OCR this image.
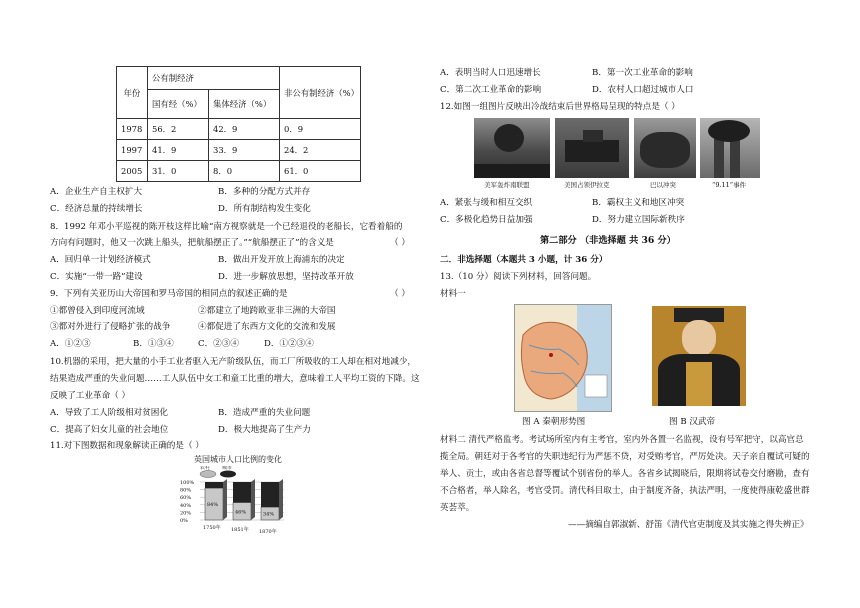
年份	公有制经济		非公有制经济（%）
	国有经（%）	集体经济（%）	
1978	56．2	42．9	0．9
1997	41．9	33．9	24．2
2005	31．0	8．0	61．0
A．企业生产自主权扩大	B．多种的分配方式并存
C．经济总量的持续增长	D．所有制结构发生变化
8．1992 年邓小平巡视的陈开枝这样比喻“南方视察就是一个已经退役的老船长，它看着船的
方向有问题时，他又一次跳上船头，把航船摆正了。”“航船摆正了”的含义是	（ ）
A．回归单一计划经济模式	B．做出开发开放上海浦东的决定
C．实施“一带一路”建设	D．进一步解放思想，坚持改革开放
9．下列有关亚历山大帝国和罗马帝国的相同点的叙述正确的是	（ ）
①都曾侵入到印度河流域	②都建立了地跨欧亚非三洲的大帝国
③都对外进行了侵略扩张的战争	④都促进了东西方文化的交流和发展
A．①②③	B．①③④	C．②③④	D．①②③④
10.机器的采用，把大量的小手工业者驱入无产阶级队伍，而工厂所吸收的工人却在相对地减少，
结果造成严重的失业问题……工人队伍中女工和童工比重的增大，意味着工人平均工资的下降。这
反映了工业革命（ ）
A．导致了工人阶级相对贫困化	B．造成严重的失业问题
C．提高了妇女儿童的社会地位	D．极大地提高了生产力
11.对下图数据和现象解读正确的是（ ）
英国城市人口比例的变化
农村 城市
100%
80%
60%
40%
20%
0%
84%
1750年
46%
1851年
34%
1870年
A．表明当时人口迅速增长	B．第一次工业革命的影响
C．第二次工业革命的影响	D．农村人口超过城市人口
12.如图一组图片反映出冷战结束后世界格局呈现的特点是（ ）
美军轰炸南联盟	美国占领伊拉克	巴以冲突	“9.11”事件
A．紧张与缓和相互交织	B．霸权主义和地区冲突
C．多极化趋势日益加强	D．努力建立国际新秩序
第二部分 （非选择题 共 36 分）
二．非选择题（本题共 3 小题，计 36 分）
13.（10 分）阅读下列材料，回答问题。
材料一
图 A 秦朝形势图	图 B 汉武帝
材料二 清代严格监考。考试场所室内有主考官，室内外各置一名监视，设有号军把守，以高官总
揽全局。朝廷对于各考官的失职违纪行为严惩不贷，对受贿考官，严厉处决。天子亲自覆试可疑的
举人、贡士，或由各省总督等覆试个别省份的举人。各省乡试揭晓后，限期将试卷交付磨勘，查有
不合格者，举人除名，考官受罚。清代科目取士，由于制度齐备，执法严明，一度使得康乾盛世群
英荟萃。
——摘编自郭淑新、舒笛《清代官吏制度及其实施之得失辨正》
